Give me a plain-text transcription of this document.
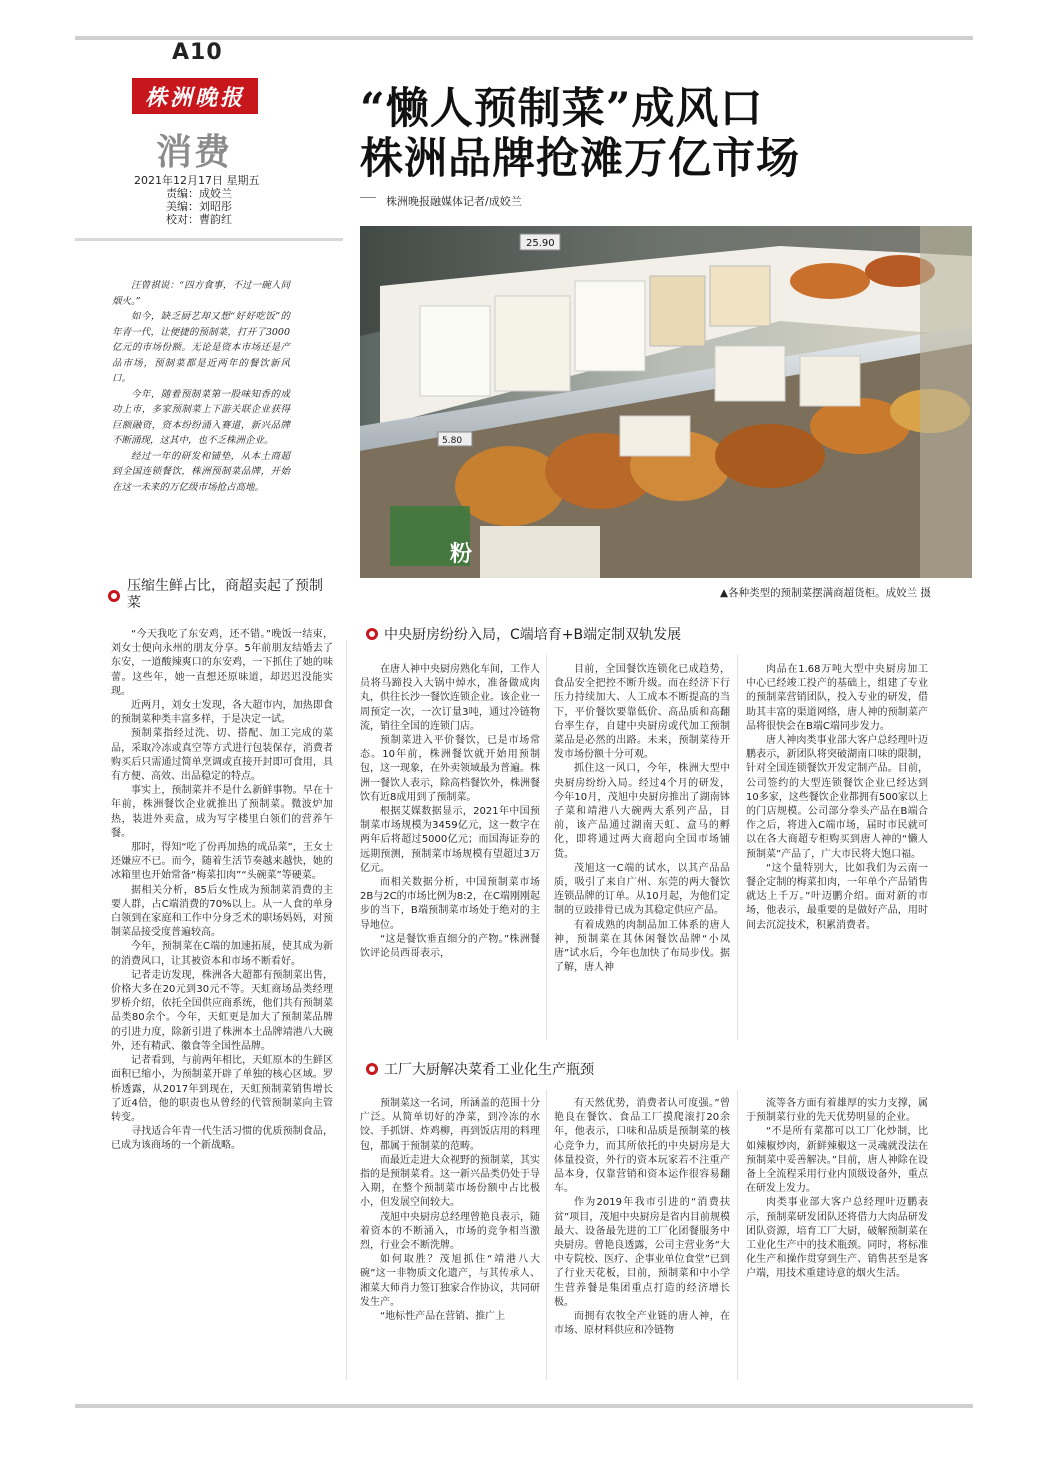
A10
株洲晚报
消费
2021年12月17日 星期五
责编：成姣兰
美编：刘昭彤
校对：曹韵红
“懒人预制菜”成风口
株洲品牌抢滩万亿市场
株洲晚报融媒体记者/成姣兰

汪曾祺说：“四方食事，不过一碗人间烟火。”

如今，缺乏厨艺却又想“好好吃饭”的年青一代，让便捷的预制菜，打开了3000亿元的市场份额。无论是资本市场还是产品市场，预制菜都是近两年的餐饮新风口。

今年，随着预制菜第一股味知香的成功上市，多家预制菜上下游关联企业获得巨额融资，资本纷纷涌入赛道，新兴品牌不断涌现，这其中，也不乏株洲企业。

经过一年的研发和铺垫，从本土商超到全国连锁餐饮，株洲预制菜品牌，开始在这一未来的万亿级市场抢占高地。

25.90
5.80
粉
▲各种类型的预制菜摆满商超货柜。成姣兰 摄
压缩生鲜占比，商超卖起了预制菜
中央厨房纷纷入局，C端培育+B端定制双轨发展
工厂大厨解决菜肴工业化生产瓶颈

“今天我吃了东安鸡，还不错。”晚饭一结束，刘女士便向永州的朋友分享。5年前朋友结婚去了东安，一道酸辣爽口的东安鸡，一下抓住了她的味蕾。这些年，她一直想还原味道，却迟迟没能实现。

近两月，刘女士发现，各大超市内，加热即食的预制菜种类丰富多样，于是决定一试。

预制菜指经过洗、切、搭配、加工完成的菜品，采取冷冻或真空等方式进行包装保存，消费者购买后只需通过简单烹调或直接开封即可食用，具有方便、高效、出品稳定的特点。

事实上，预制菜并不是什么新鲜事物。早在十年前，株洲餐饮企业就推出了预制菜。微波炉加热，装进外卖盒，成为写字楼里白领们的营养午餐。

那时，得知“吃了份再加热的成品菜”，王女士还嫌应不已。而今，随着生活节奏越来越快，她的冰箱里也开始常备“梅菜扣肉”“头碗菜”等硬菜。

据相关分析，85后女性成为预制菜消费的主要人群，占C端消费的70%以上。从一人食的单身白领到在家庭和工作中分身乏术的职场妈妈，对预制菜品接受度普遍较高。

今年，预制菜在C端的加速拓展，使其成为新的消费风口，让其被资本和市场不断看好。

记者走访发现，株洲各大超都有预制菜出售，价格大多在20元到30元不等。天虹商场品类经理罗桥介绍，依托全国供应商系统，他们共有预制菜品类80余个。今年，天虹更是加大了预制菜品牌的引进力度，除新引进了株洲本土品牌靖港八大碗外，还有精武、徽食等全国性品牌。

记者看到，与前两年相比，天虹原本的生鲜区面积已缩小，为预制菜开辟了单独的核心区域。罗桥透露，从2017年到现在，天虹预制菜销售增长了近4倍，他的职责也从曾经的代管预制菜向主管转变。

寻找适合年青一代生活习惯的优质预制食品，已成为该商场的一个新战略。

在唐人神中央厨房熟化车间，工作人员将马蹄投入大锅中焯水，准备做成肉丸，供往长沙一餐饮连锁企业。该企业一周预定一次，一次订量3吨，通过冷链物流，销往全国的连锁门店。

预制菜进入平价餐饮，已是市场常态。10年前，株洲餐饮就开始用预制包，这一现象，在外卖领域最为普遍。株洲一餐饮人表示，除高档餐饮外，株洲餐饮有近8成用到了预制菜。

根据艾媒数据显示，2021年中国预制菜市场规模为3459亿元，这一数字在两年后将超过5000亿元；而国海证券的远期预测，预制菜市场规模有望超过3万亿元。

而相关数据分析，中国预制菜市场2B与2C的市场比例为8:2，在C端刚刚起步的当下，B端预制菜市场处于绝对的主导地位。

“这是餐饮垂直细分的产物。”株洲餐饮评论员西哥表示，

目前，全国餐饮连锁化已成趋势，食品安全把控不断升级。而在经济下行压力持续加大、人工成本不断提高的当下，平价餐饮要靠低价、高品质和高翻台率生存，自建中央厨房或代加工预制菜品是必然的出路。未来，预制菜待开发市场份额十分可观。

抓住这一风口，今年，株洲大型中央厨房纷纷入局。经过4个月的研发，今年10月，茂旭中央厨房推出了湖南钵子菜和靖港八大碗两大系列产品，目前，该产品通过湖南天虹、盒马的孵化，即将通过两大商超向全国市场铺货。

茂旭这一C端的试水，以其产品品质，吸引了来自广州、东莞的两大餐饮连锁品牌的订单。从10月起，为他们定制的豆豉排骨已成为其稳定供应产品。

有着成熟的肉制品加工体系的唐人神，预制菜在其休闲餐饮品牌“小凤唐”试水后，今年也加快了布局步伐。据了解，唐人神

肉品在1.68万吨大型中央厨房加工中心已经竣工投产的基础上，组建了专业的预制菜营销团队，投入专业的研发，借助其丰富的渠道网络，唐人神的预制菜产品将很快会在B端C端同步发力。

唐人神肉类事业部大客户总经理叶迈鹏表示，新团队将突破湖南口味的限制，针对全国连锁餐饮开发定制产品。目前，公司签约的大型连锁餐饮企业已经达到10多家，这些餐饮企业都拥有500家以上的门店规模。公司部分拳头产品在B端合作之后，将进入C端市场，届时市民就可以在各大商超专柜购买到唐人神的“懒人预制菜”产品了，广大市民将大饱口福。

“这个量特别大，比如我们为云南一餐企定制的梅菜扣肉，一年单个产品销售就达上千万。”叶迈鹏介绍。面对新的市场，他表示，最重要的是做好产品，用时间去沉淀技术，积累消费者。

预制菜这一名词，所涵盖的范围十分广泛。从简单切好的净菜，到冷冻的水饺、手抓饼、炸鸡柳，再到饭店用的料理包，都属于预制菜的范畴。

而最近走进大众视野的预制菜，其实指的是预制菜肴。这一新兴品类仍处于导入期，在整个预制菜市场份额中占比极小，但发展空间较大。

茂旭中央厨房总经理曾艳良表示，随着资本的不断涌入，市场的竞争相当激烈，行业会不断洗牌。

如何取胜？茂旭抓住“靖港八大碗”这一非物质文化遗产，与其传承人、湘菜大师肖力签订独家合作协议，共同研发生产。

“地标性产品在营销、推广上

有天然优势，消费者认可度强。”曾艳良在餐饮、食品工厂摸爬滚打20余年，他表示，口味和品质是预制菜的核心竞争力，而其所依托的中央厨房是大体量投资，外行的资本玩家若不注重产品本身，仅靠营销和资本运作很容易翻车。

作为2019年我市引进的“消费扶贫”项目，茂旭中央厨房是省内目前规模最大、设备最先进的工厂化团餐服务中央厨房。曾艳良透露，公司主营业务“大中专院校、医疗、企事业单位食堂”已到了行业天花板，目前，预制菜和中小学生营养餐是集团重点打造的经济增长极。

而拥有农牧全产业链的唐人神，在市场、原材料供应和冷链物

流等各方面有着雄厚的实力支撑，属于预制菜行业的先天优势明显的企业。

“不是所有菜都可以工厂化炒制，比如辣椒炒肉，新鲜辣椒这一灵魂就没法在预制菜中妥善解决。”目前，唐人神除在设备上全流程采用行业内顶级设备外，重点在研发上发力。

肉类事业部大客户总经理叶迈鹏表示，预制菜研发团队还将借力大肉品研发团队资源，培育工厂大厨，破解预制菜在工业化生产中的技术瓶颈。同时，将标准化生产和操作贯穿到生产、销售甚至是客户端，用技术重建诗意的烟火生活。
